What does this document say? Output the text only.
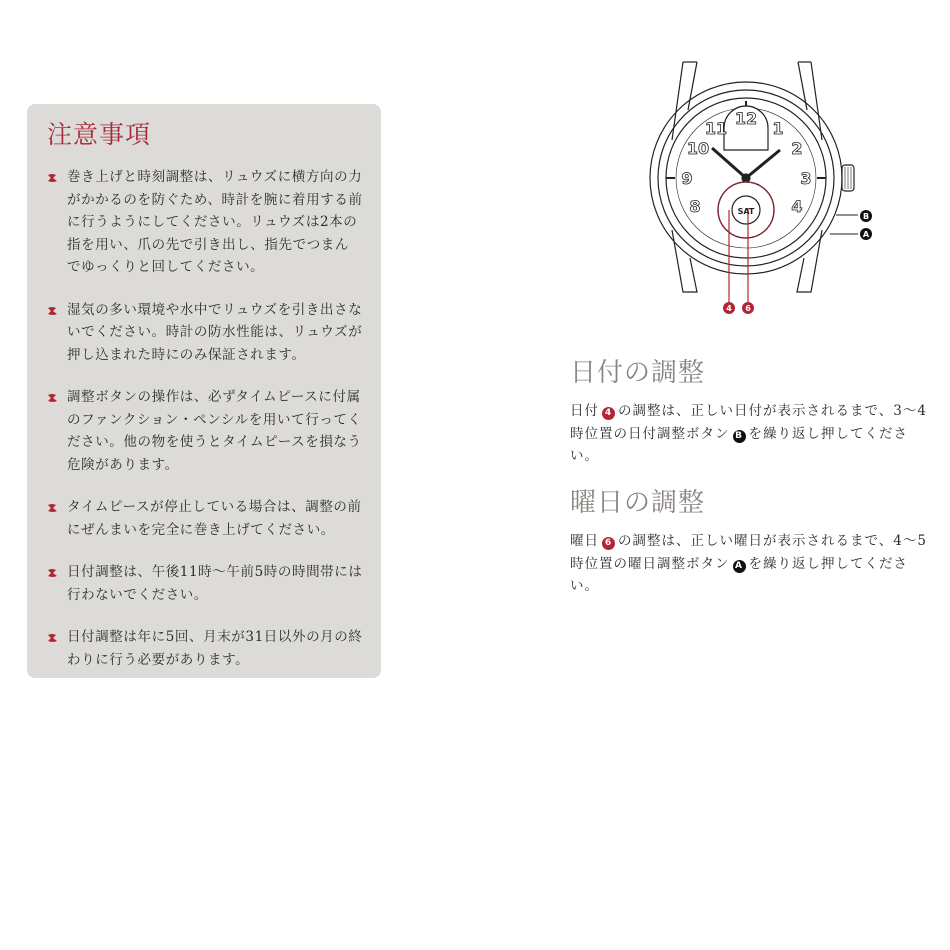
注意事項
巻き上げと時刻調整は、リュウズに横方向の力がかかるのを防ぐため、時計を腕に着用する前に行うようにしてください。リュウズは2本の指を用い、爪の先で引き出し、指先でつまんでゆっくりと回してください。
湿気の多い環境や水中でリュウズを引き出さないでください。時計の防水性能は、リュウズが押し込まれた時にのみ保証されます。
調整ボタンの操作は、必ずタイムピースに付属のファンクション・ペンシルを用いて行ってください。他の物を使うとタイムピースを損なう危険があります。
タイムピースが停止している場合は、調整の前にぜんまいを完全に巻き上げてください。
日付調整は、午後11時〜午前5時の時間帯には行わないでください。
日付調整は年に5回、月末が31日以外の月の終わりに行う必要があります。
12
1
2
3
4
8
9
10
11
SAT
B
A
4 6
日付の調整

日付 4 の調整は、正しい日付が表示されるまで、3〜4時位置の日付調整ボタン B を繰り返し押してください。

曜日の調整

曜日 6 の調整は、正しい曜日が表示されるまで、4〜5時位置の曜日調整ボタン A を繰り返し押してください。
